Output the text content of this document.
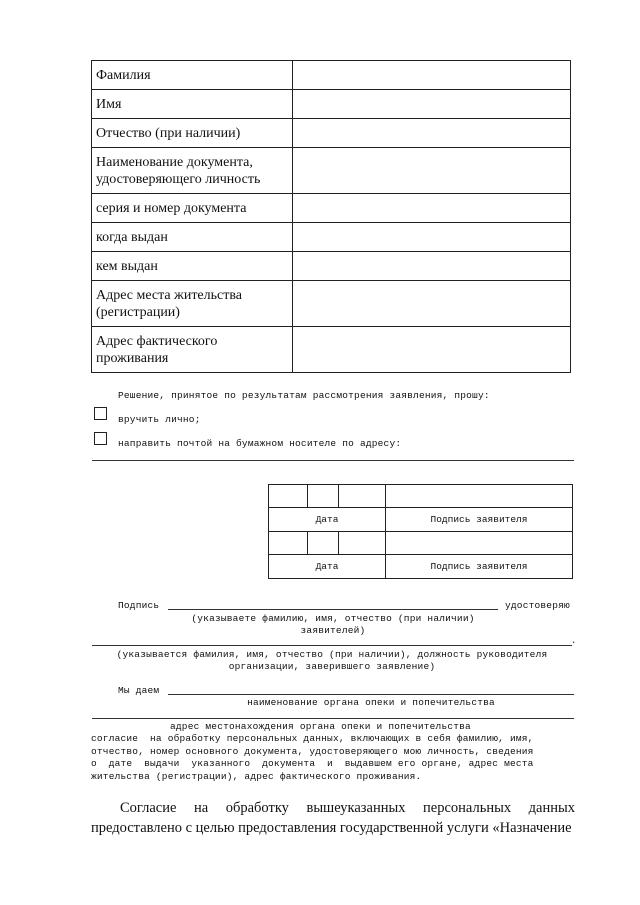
Фамилия	
Имя	
Отчество (при наличии)	

Наименование документа,
удостоверяющего личность	

серия и номер документа	
когда выдан	
кем выдан	

Адрес места жительства
(регистрации)	

Адрес фактического
проживания	

Решение, принятое по результатам рассмотрения заявления, прошу:
вручить лично;
направить почтой на бумажном носителе по адресу:

Дата			Подпись заявителя

Дата			Подпись заявителя
Подпись	удостоверяю
(указываете фамилию, имя, отчество (при наличии)
заявителей)
.
(указывается фамилия, имя, отчество (при наличии), должность руководителя
организации, заверившего заявление)
Мы даем
наименование органа опеки и попечительства
адрес местонахождения органа опеки и попечительства
согласие  на обработку персональных данных, включающих в себя фамилию, имя,
отчество, номер основного документа, удостоверяющего мою личность, сведения
о  дате  выдачи  указанного  документа  и  выдавшем его органе, адрес места
жительства (регистрации), адрес фактического проживания.
Согласие на обработку вышеуказанных персональных данных
предоставлено с целью предоставления государственной услуги «Назначение
